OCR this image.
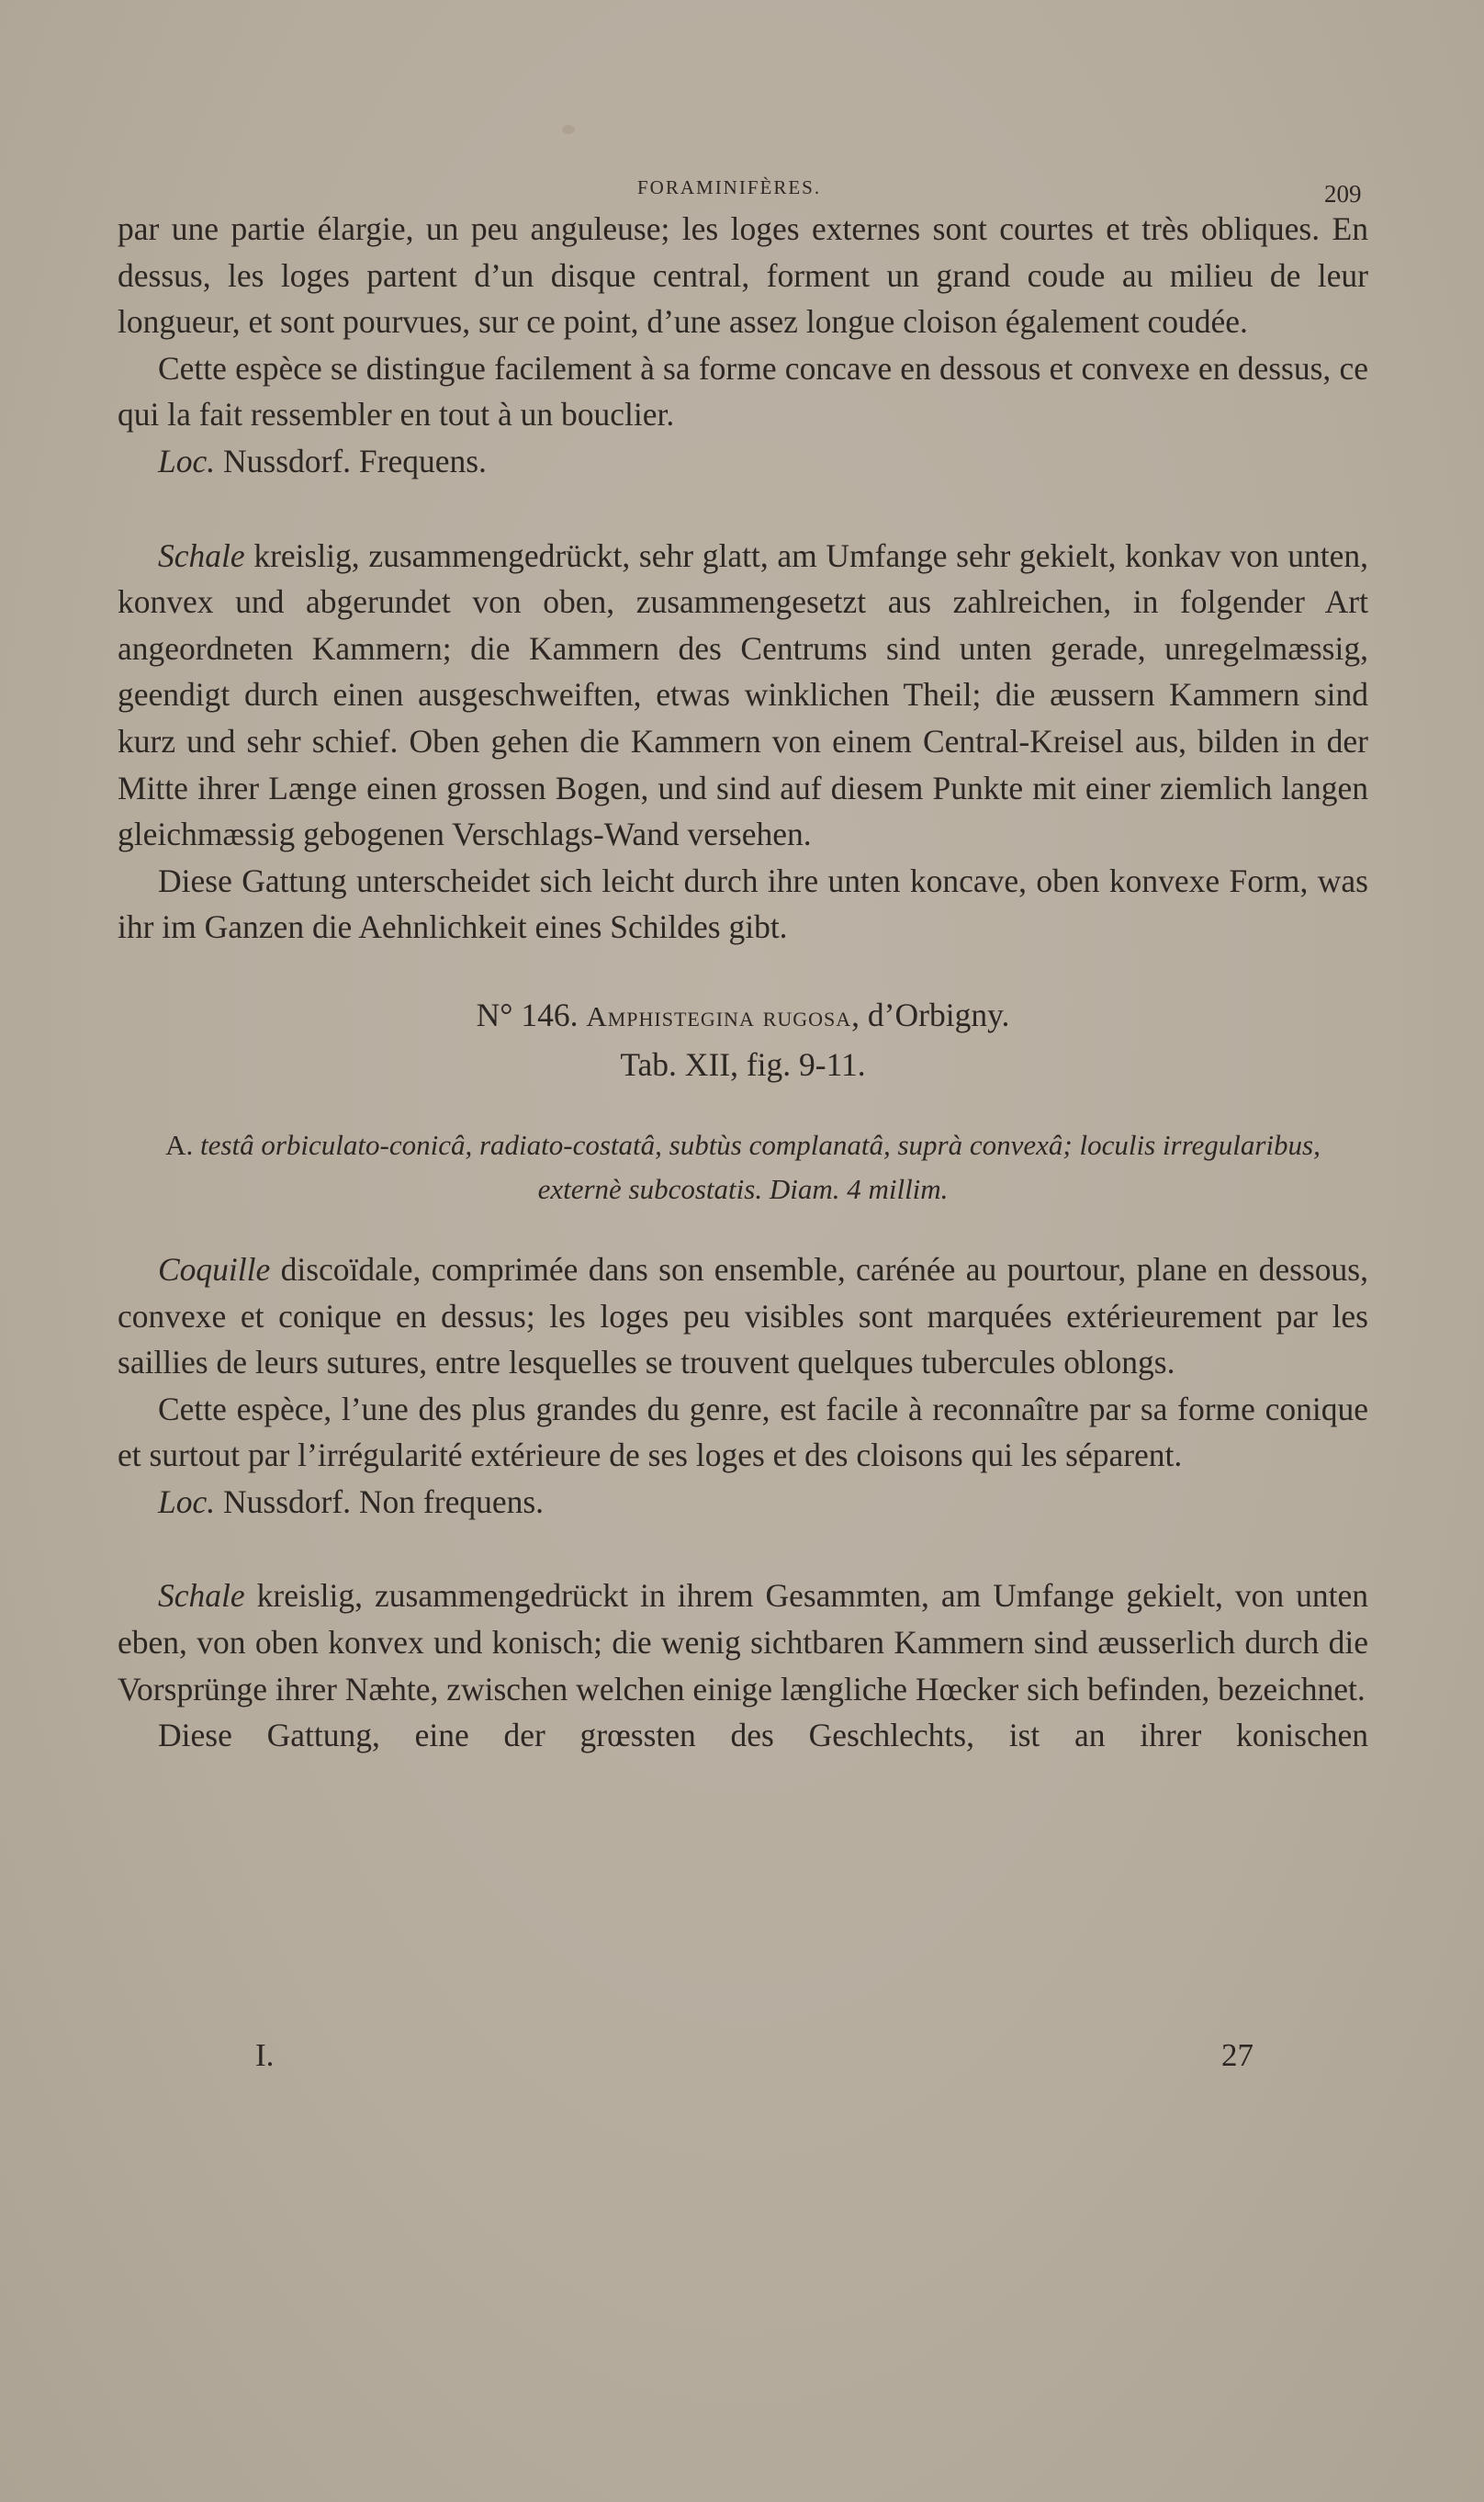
FORAMINIFÈRES.	209

par une partie élargie, un peu anguleuse; les loges externes sont courtes et très obliques. En dessus, les loges partent d’un disque central, forment un grand coude au milieu de leur longueur, et sont pourvues, sur ce point, d’une assez longue cloison également coudée.

Cette espèce se distingue facilement à sa forme concave en dessous et convexe en dessus, ce qui la fait ressembler en tout à un bouclier.

Loc. Nussdorf. Frequens.

Schale kreislig, zusammengedrückt, sehr glatt, am Umfange sehr gekielt, konkav von unten, konvex und abgerundet von oben, zusammengesetzt aus zahlreichen, in folgender Art angeordneten Kammern; die Kammern des Centrums sind unten gerade, unregelmæssig, geendigt durch einen ausgeschweiften, etwas winklichen Theil; die æussern Kammern sind kurz und sehr schief. Oben gehen die Kammern von einem Central-Kreisel aus, bilden in der Mitte ihrer Længe einen grossen Bogen, und sind auf diesem Punkte mit einer ziemlich langen gleichmæssig gebogenen Verschlags-Wand versehen.

Diese Gattung unterscheidet sich leicht durch ihre unten koncave, oben konvexe Form, was ihr im Ganzen die Aehnlichkeit eines Schildes gibt.

N° 146. Amphistegina rugosa, d’Orbigny.
Tab. XII, fig. 9-11.

A. testâ orbiculato-conicâ, radiato-costatâ, subtùs complanatâ, suprà convexâ; loculis irregularibus, externè subcostatis. Diam. 4 millim.

Coquille discoïdale, comprimée dans son ensemble, carénée au pourtour, plane en dessous, convexe et conique en dessus; les loges peu visibles sont marquées extérieurement par les saillies de leurs sutures, entre lesquelles se trouvent quelques tubercules oblongs.

Cette espèce, l’une des plus grandes du genre, est facile à reconnaître par sa forme conique et surtout par l’irrégularité extérieure de ses loges et des cloisons qui les séparent.

Loc. Nussdorf. Non frequens.

Schale kreislig, zusammengedrückt in ihrem Gesammten, am Umfange gekielt, von unten eben, von oben konvex und konisch; die wenig sichtbaren Kammern sind æusserlich durch die Vorsprünge ihrer Næhte, zwischen welchen einige længliche Hœcker sich befinden, bezeichnet.

Diese Gattung, eine der grœssten des Geschlechts, ist an ihrer konischen

I.	27
